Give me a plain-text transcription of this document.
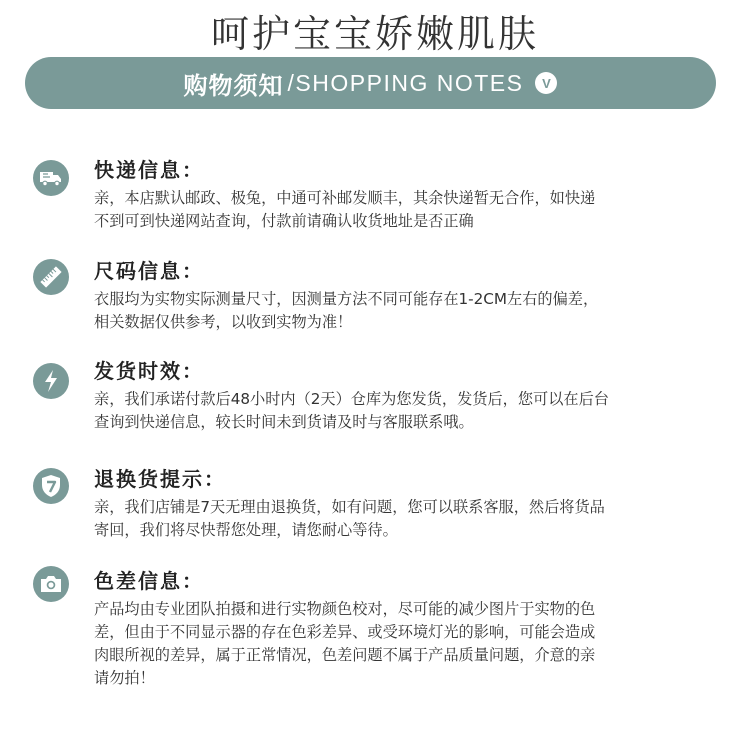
呵护宝宝娇嫩肌肤
购物须知 /SHOPPING NOTES	V
快递信息：
亲，本店默认邮政、极兔，中通可补邮发顺丰，其余快递暂无合作，如快递
不到可到快递网站查询，付款前请确认收货地址是否正确
尺码信息：
衣服均为实物实际测量尺寸，因测量方法不同可能存在1-2CM左右的偏差，
相关数据仅供参考，以收到实物为准！
发货时效：
亲，我们承诺付款后48小时内（2天）仓库为您发货，发货后，您可以在后台
查询到快递信息，较长时间未到货请及时与客服联系哦。
退换货提示：
亲，我们店铺是7天无理由退换货，如有问题，您可以联系客服，然后将货品
寄回，我们将尽快帮您处理，请您耐心等待。
色差信息：
产品均由专业团队拍摄和进行实物颜色校对，尽可能的减少图片于实物的色
差，但由于不同显示器的存在色彩差异、或受环境灯光的影响，可能会造成
肉眼所视的差异，属于正常情况，色差问题不属于产品质量问题，介意的亲
请勿拍！
